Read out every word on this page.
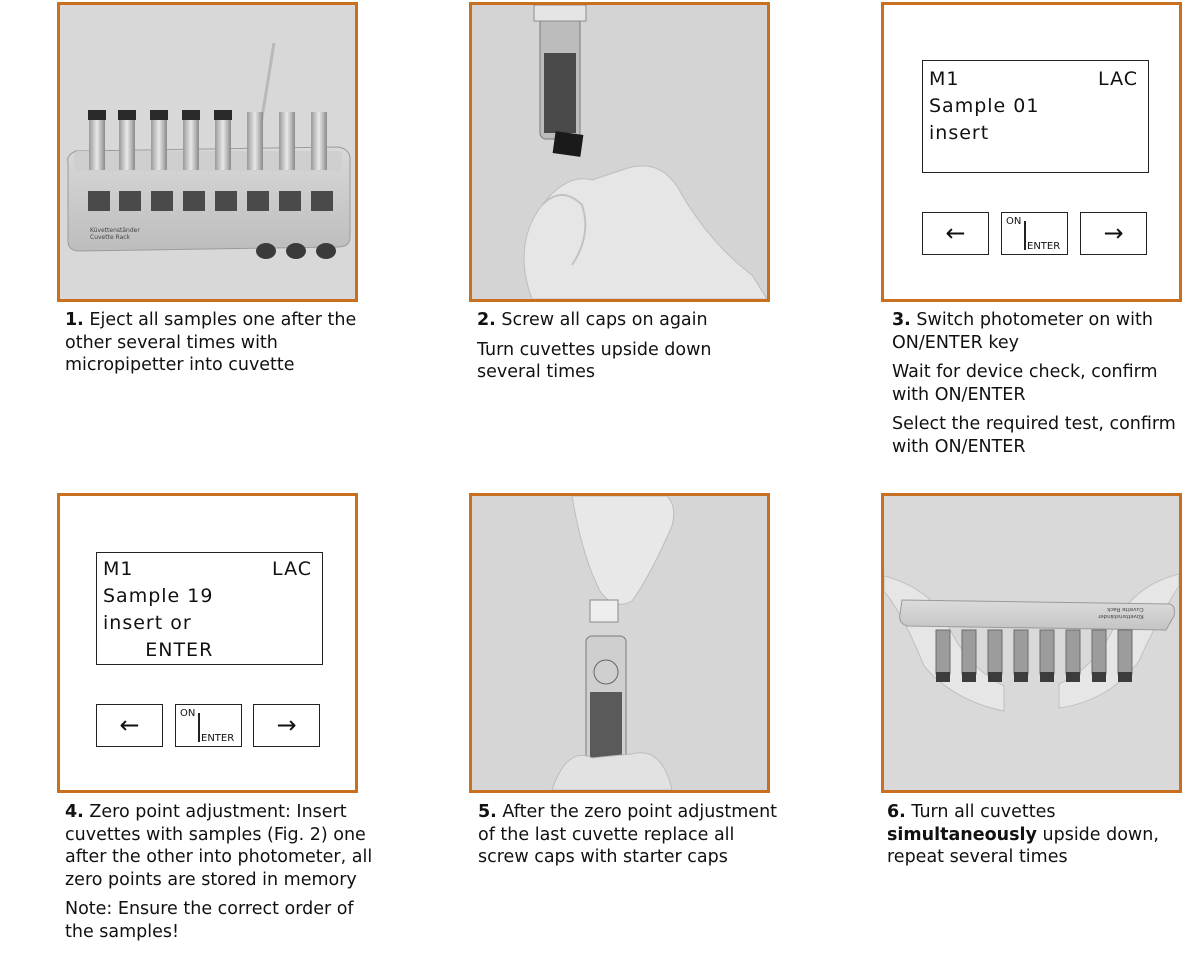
Küvettenständer
Cuvette Rack

1. Eject all samples one after the other several times with micropipetter into cuvette

2. Screw all caps on again

Turn cuvettes upside down several times

M1	LAC
Sample 01
insert
←	ON
ENTER	→

3. Switch photometer on with ON/ENTER key

Wait for device check, confirm with ON/ENTER

Select the required test, confirm with ON/ENTER

M1	LAC
Sample 19
insert or
ENTER
←	ON
ENTER	→

4. Zero point adjustment: Insert cuvettes with samples (Fig. 2) one after the other into photometer, all zero points are stored in memory

Note: Ensure the correct order of the samples!

5. After the zero point adjustment of the last cuvette replace all screw caps with starter caps

Küvettenständer
Cuvette Rack

6. Turn all cuvettes
simultaneously upside down, repeat several times
